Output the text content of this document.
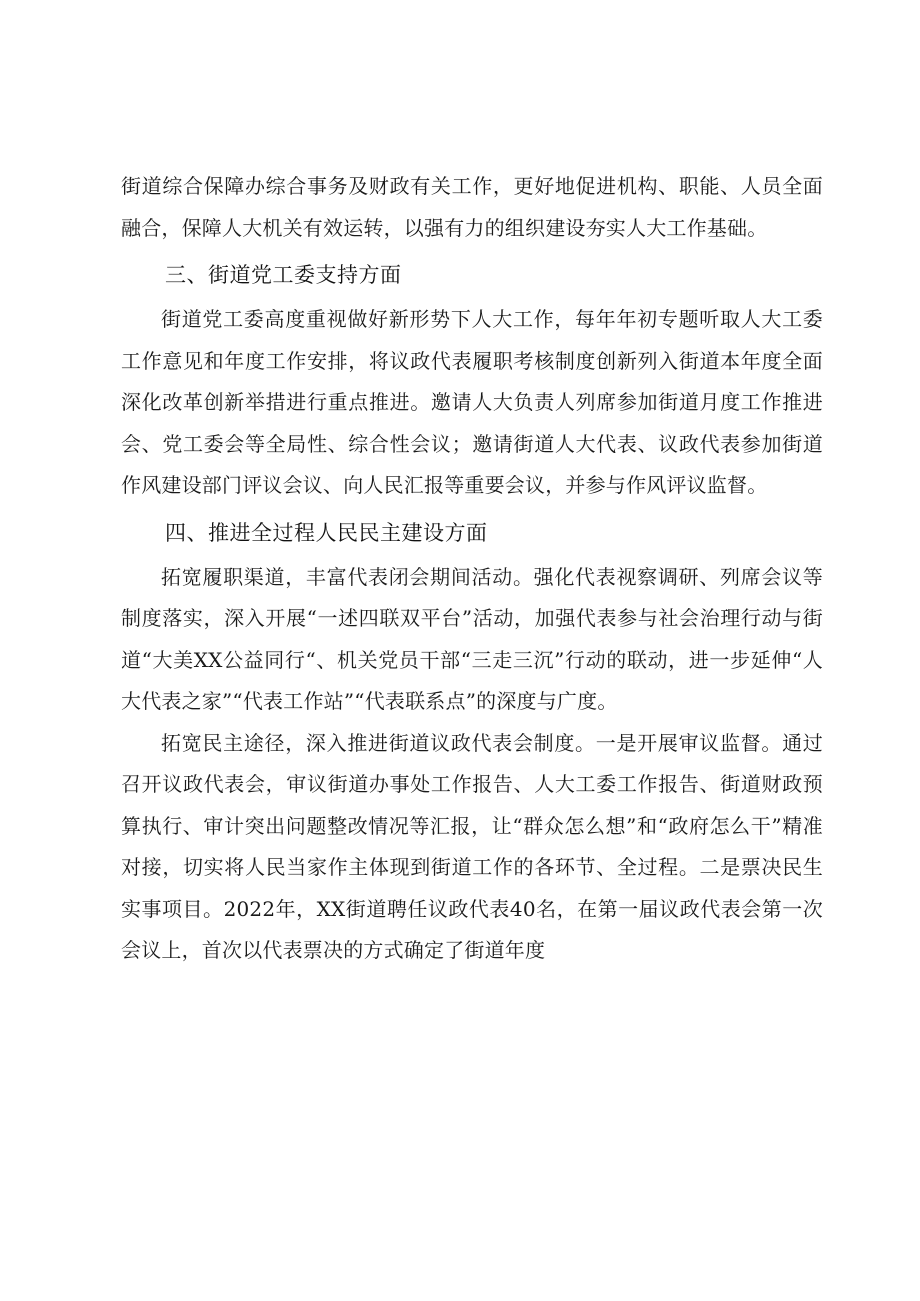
街道综合保障办综合事务及财政有关工作，更好地促进机构、职能、人员全面融合，保障人大机关有效运转，以强有力的组织建设夯实人大工作基础。

三、街道党工委支持方面

街道党工委高度重视做好新形势下人大工作，每年年初专题听取人大工委工作意见和年度工作安排，将议政代表履职考核制度创新列入街道本年度全面深化改革创新举措进行重点推进。邀请人大负责人列席参加街道月度工作推进会、党工委会等全局性、综合性会议；邀请街道人大代表、议政代表参加街道作风建设部门评议会议、向人民汇报等重要会议，并参与作风评议监督。

四、推进全过程人民民主建设方面

拓宽履职渠道，丰富代表闭会期间活动。强化代表视察调研、列席会议等制度落实，深入开展“一述四联双平台”活动，加强代表参与社会治理行动与街道“大美XX公益同行“、机关党员干部“三走三沉”行动的联动，进一步延伸“人大代表之家”“代表工作站”“代表联系点”的深度与广度。

拓宽民主途径，深入推进街道议政代表会制度。一是开展审议监督。通过召开议政代表会，审议街道办事处工作报告、人大工委工作报告、街道财政预算执行、审计突出问题整改情况等汇报，让“群众怎么想”和“政府怎么干”精准对接，切实将人民当家作主体现到街道工作的各环节、全过程。二是票决民生实事项目。2022年，XX街道聘任议政代表40名，在第一届议政代表会第一次会议上，首次以代表票决的方式确定了街道年度
